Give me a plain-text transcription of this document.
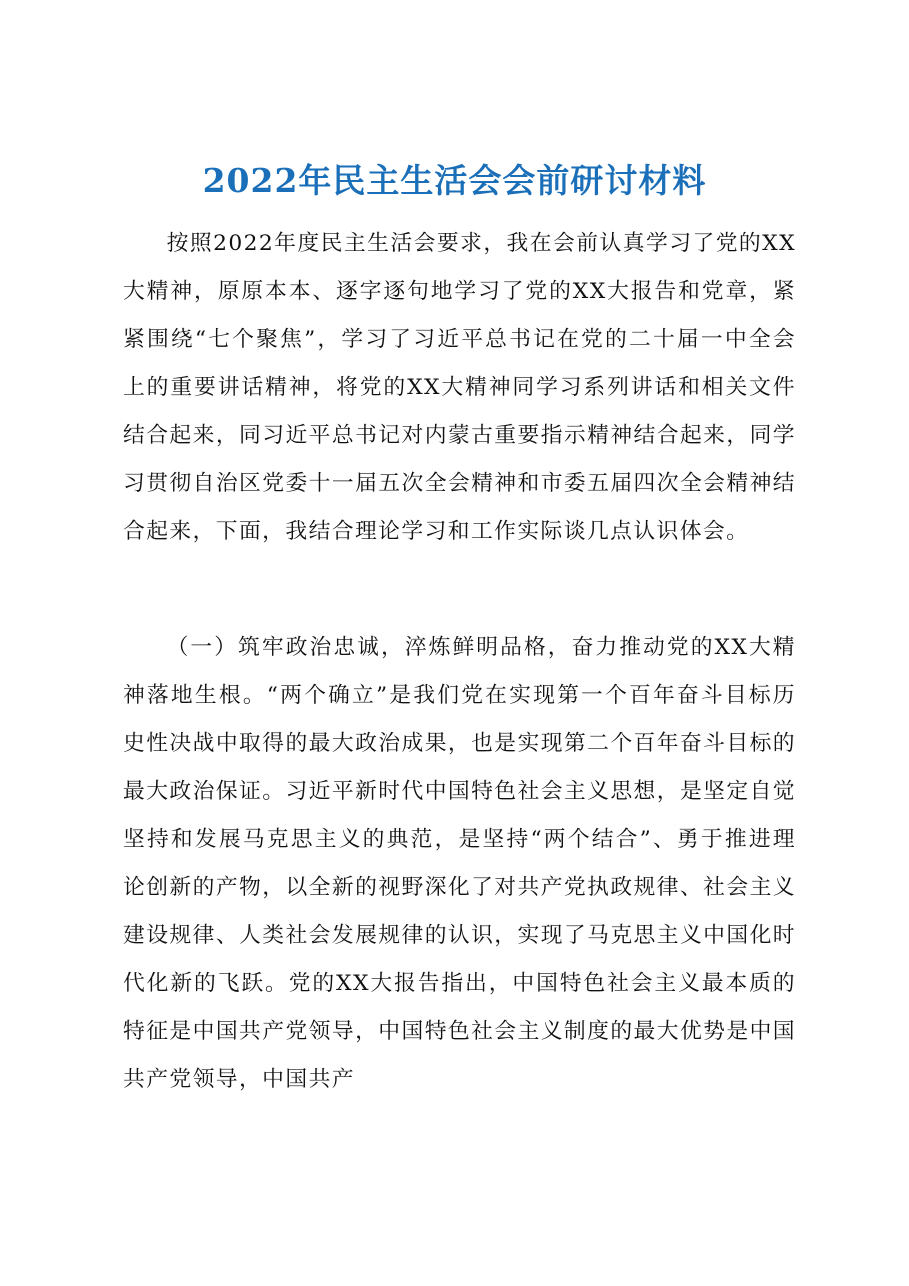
2022年民主生活会会前研讨材料

按照2022年度民主生活会要求，我在会前认真学习了党的XX大精神，原原本本、逐字逐句地学习了党的XX大报告和党章，紧紧围绕“七个聚焦”，学习了习近平总书记在党的二十届一中全会上的重要讲话精神，将党的XX大精神同学习系列讲话和相关文件结合起来，同习近平总书记对内蒙古重要指示精神结合起来，同学习贯彻自治区党委十一届五次全会精神和市委五届四次全会精神结合起来，下面，我结合理论学习和工作实际谈几点认识体会。

（一）筑牢政治忠诚，淬炼鲜明品格，奋力推动党的XX大精神落地生根。“两个确立”是我们党在实现第一个百年奋斗目标历史性决战中取得的最大政治成果，也是实现第二个百年奋斗目标的最大政治保证。习近平新时代中国特色社会主义思想，是坚定自觉坚持和发展马克思主义的典范，是坚持“两个结合”、勇于推进理论创新的产物，以全新的视野深化了对共产党执政规律、社会主义建设规律、人类社会发展规律的认识，实现了马克思主义中国化时代化新的飞跃。党的XX大报告指出，中国特色社会主义最本质的特征是中国共产党领导，中国特色社会主义制度的最大优势是中国共产党领导，中国共产
